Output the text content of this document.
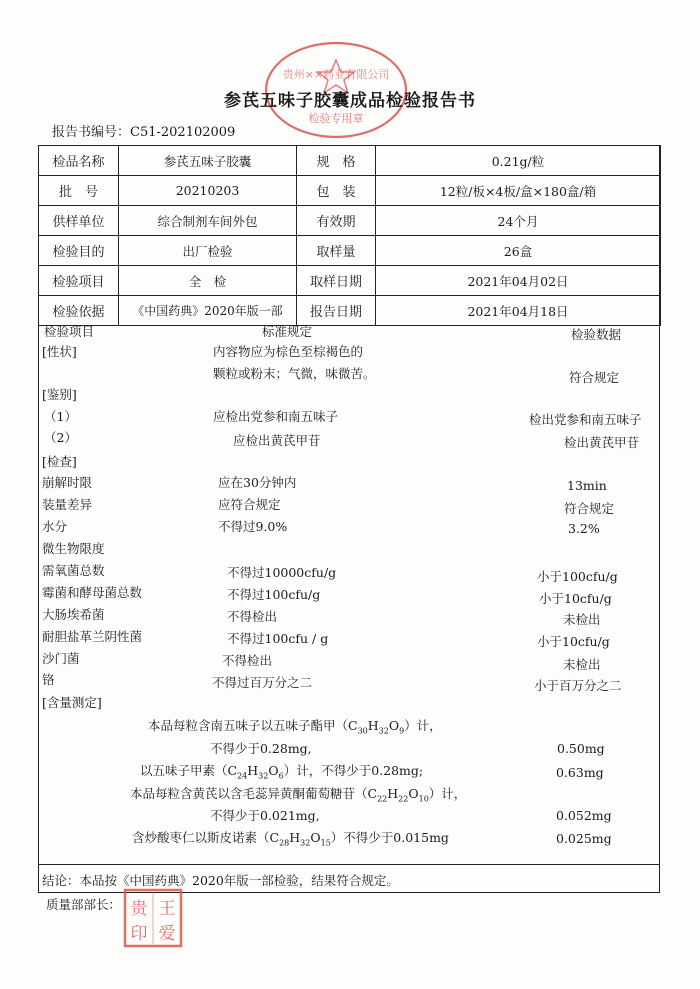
贵州××药业有限公司
检验专用章
参芪五味子胶囊成品检验报告书
报告书编号：C51-202102009
检品名称	参芪五味子胶囊	规　格	0.21g/粒
批　号	20210203	包　装	12粒/板×4板/盒×180盒/箱
供样单位	综合制剂车间外包	有效期	24个月
检验目的	出厂检验	取样量	26盒
检验项目	全　检	取样日期	2021年04月02日
检验依据	《中国药典》2020年版一部	报告日期	2021年04月18日
检验项目	标准规定	检验数据
[性状]	内容物应为棕色至棕褐色的
颗粒或粉末；气微，味微苦。	符合规定
[鉴别]
（1）	应检出党参和南五味子	检出党参和南五味子
（2）	应检出黄芪甲苷	检出黄芪甲苷
[检查]
崩解时限	应在30分钟内	13min
装量差异	应符合规定	符合规定
水分	不得过9.0%	3.2%
微生物限度
需氧菌总数	不得过10000cfu/g	小于100cfu/g
霉菌和酵母菌总数	不得过100cfu/g	小于10cfu/g
大肠埃希菌	不得检出	未检出
耐胆盐革兰阴性菌	不得过100cfu / g	小于10cfu/g
沙门菌	不得检出	未检出
铬	不得过百万分之二	小于百万分之二
[含量测定]
本品每粒含南五味子以五味子酯甲$(C_{30}H_{32}O_9)$计，
不得少于0.28mg,	0.50mg
以五味子甲素$(C_{24}H_{32}O_6)$计，不得少于0.28mg;	0.63mg
本品每粒含黄芪以含毛蕊异黄酮葡萄糖苷$(C_{22}H_{22}O_{10})$计，
不得少于0.021mg,	0.052mg
含炒酸枣仁以斯皮诺素$(C_{28}H_{32}O_{15})$不得少于0.015mg	0.025mg
结论：本品按《中国药典》2020年版一部检验，结果符合规定。
质量部部长： 贵 王
印 爱
